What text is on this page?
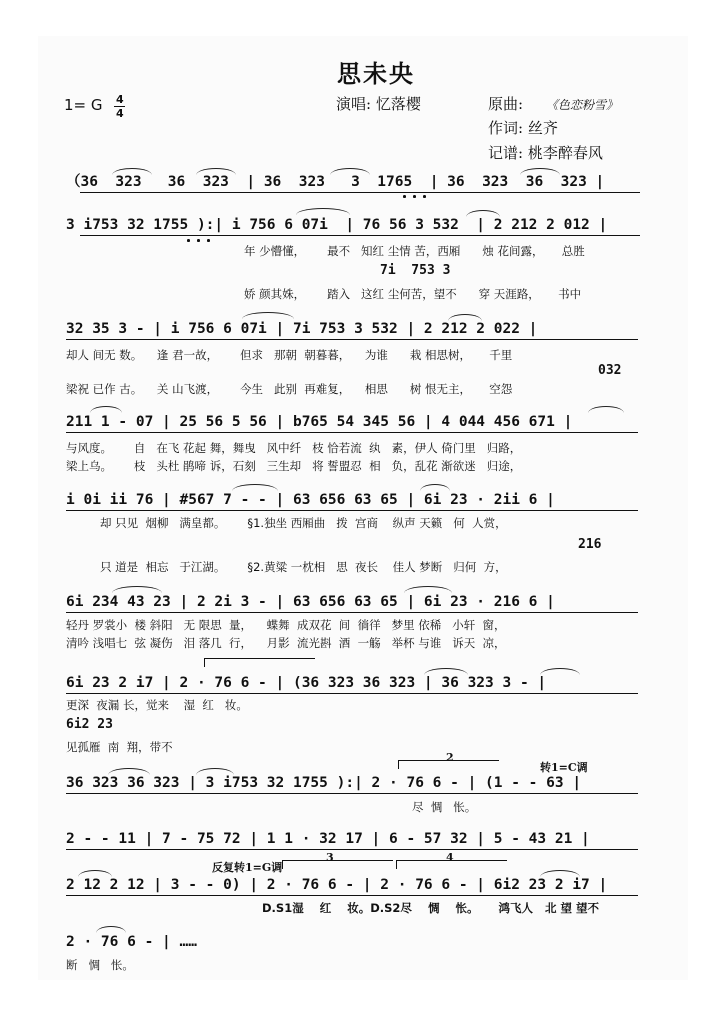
思未央
1= G 4
4
演唱: 忆落樱	原曲: 《色恋粉雪》
作词: 丝齐
记谱: 桃李醉春风
（36  323   36  323  | 36  323   3  1765  | 36  323  36  323 |
3 i753 32 1755 ):| i 756 6 07i  | 76 56 3 532  | 2 212 2 012 |
年 少懵懂，      最不   知红 尘情 苦，西厢      烛 花间露，     总胜
7i  753 3
娇 颜其姝，      踏入   这红 尘何苦，望不      穿 天涯路，     书中
32 35 3 - | i 756 6 07i | 7i 753 3 532 | 2 212 2 022 |
却人 间无 数。    逢 君一故，      但求   那朝  朝暮暮，    为谁      栽 相思树，     千里
032
梁祝 已作 古。    关 山飞渡，      今生   此别  再难复，    相思      树 恨无主，     空怨
211 1 - 07 | 25 56 5 56 | b765 54 345 56 | 4 044 456 671 |
与风度。      自   在飞 花起 舞，舞曳   风中纤   枝 恰若流  纨   素，伊人 倚门里   归路，
梁上乌。      枝   头杜 鹃啼 诉，石刻   三生却   将 誓盟忍  相   负，乱花 渐欲迷   归途，
i 0i ii 76 | #567 7 - - | 63 656 63 65 | 6i 23 · 2ii 6 |
却 只见  烟柳   满皇都。      §1.独坐 西厢曲   拨  宫商    纵声 天籁   何  人赏，
216
只 道是  相忘   于江湖。      §2.黄粱 一枕相   思  夜长    佳人 梦断   归何  方，
6i 234 43 23 | 2 2i 3 - | 63 656 63 65 | 6i 23 · 216 6 |
轻丹 罗裳小  楼 斜阳   无 限思  量，    蝶舞  成双花  间  徜徉   梦里 依稀   小轩  窗，
清吟 浅唱七  弦 凝伤   泪 落几  行，    月影  流光斟  酒  一觞   举杯 与谁   诉天  凉，
6i 23 2 i7 | 2 · 76 6 - | (36 323 36 323 | 36 323 3 - |
更深  夜漏 长，觉来    湿  红   妆。
6i2 23
见孤雁  南  翔，带不
2
转1=C调
36 323 36 323 | 3 i753 32 1755 ):| 2 · 76 6 - | (1 - - 63 |
尽  惆   怅。
2 - - 11 | 7 - 75 72 | 1 1 · 32 17 | 6 - 57 32 | 5 - 43 21 |
反复转1=G调
3	4
2 12 2 12 | 3 - - 0) | 2 · 76 6 - | 2 · 76 6 - | 6i2 23 2 i7 |
D.S1湿    红    妆。D.S2尽    惆    怅。     鸿飞人   北 望 望不
2 · 76 6 - | ……
断   惆   怅。
